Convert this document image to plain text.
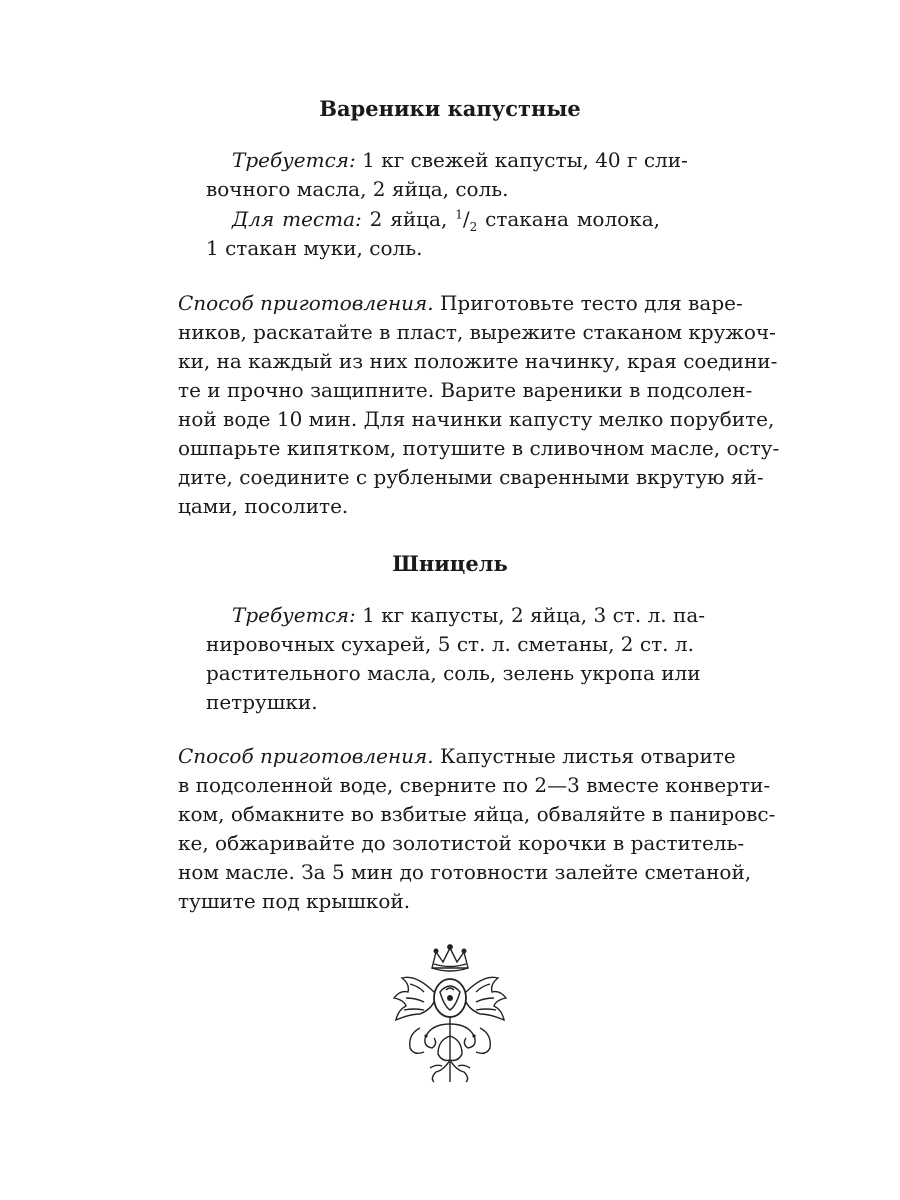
Вареники капустные

Требуется: 1 кг свежей капусты, 40 г сли-

вочного масла, 2 яйца, соль.

Для теста: 2 яйца, $^1/_2$ стакана молока,

1 стакан муки, соль.

Способ приготовления. Приготовьте тесто для варе-

ников, раскатайте в пласт, вырежите стаканом кружоч-

ки, на каждый из них положите начинку, края соедини-

те и прочно защипните. Варите вареники в подсолен-

ной воде 10 мин. Для начинки капусту мелко порубите,

ошпарьте кипятком, потушите в сливочном масле, осту-

дите, соедините с рублеными сваренными вкрутую яй-

цами, посолите.

Шницель

Требуется: 1 кг капусты, 2 яйца, 3 ст. л. па-

нировочных сухарей, 5 ст. л. сметаны, 2 ст. л.

растительного масла, соль, зелень укропа или

петрушки.

Способ приготовления. Капустные листья отварите

в подсоленной воде, сверните по 2—3 вместе конверти-

ком, обмакните во взбитые яйца, обваляйте в панировс-

ке, обжаривайте до золотистой корочки в раститель-

ном масле. За 5 мин до готовности залейте сметаной,

тушите под крышкой.
